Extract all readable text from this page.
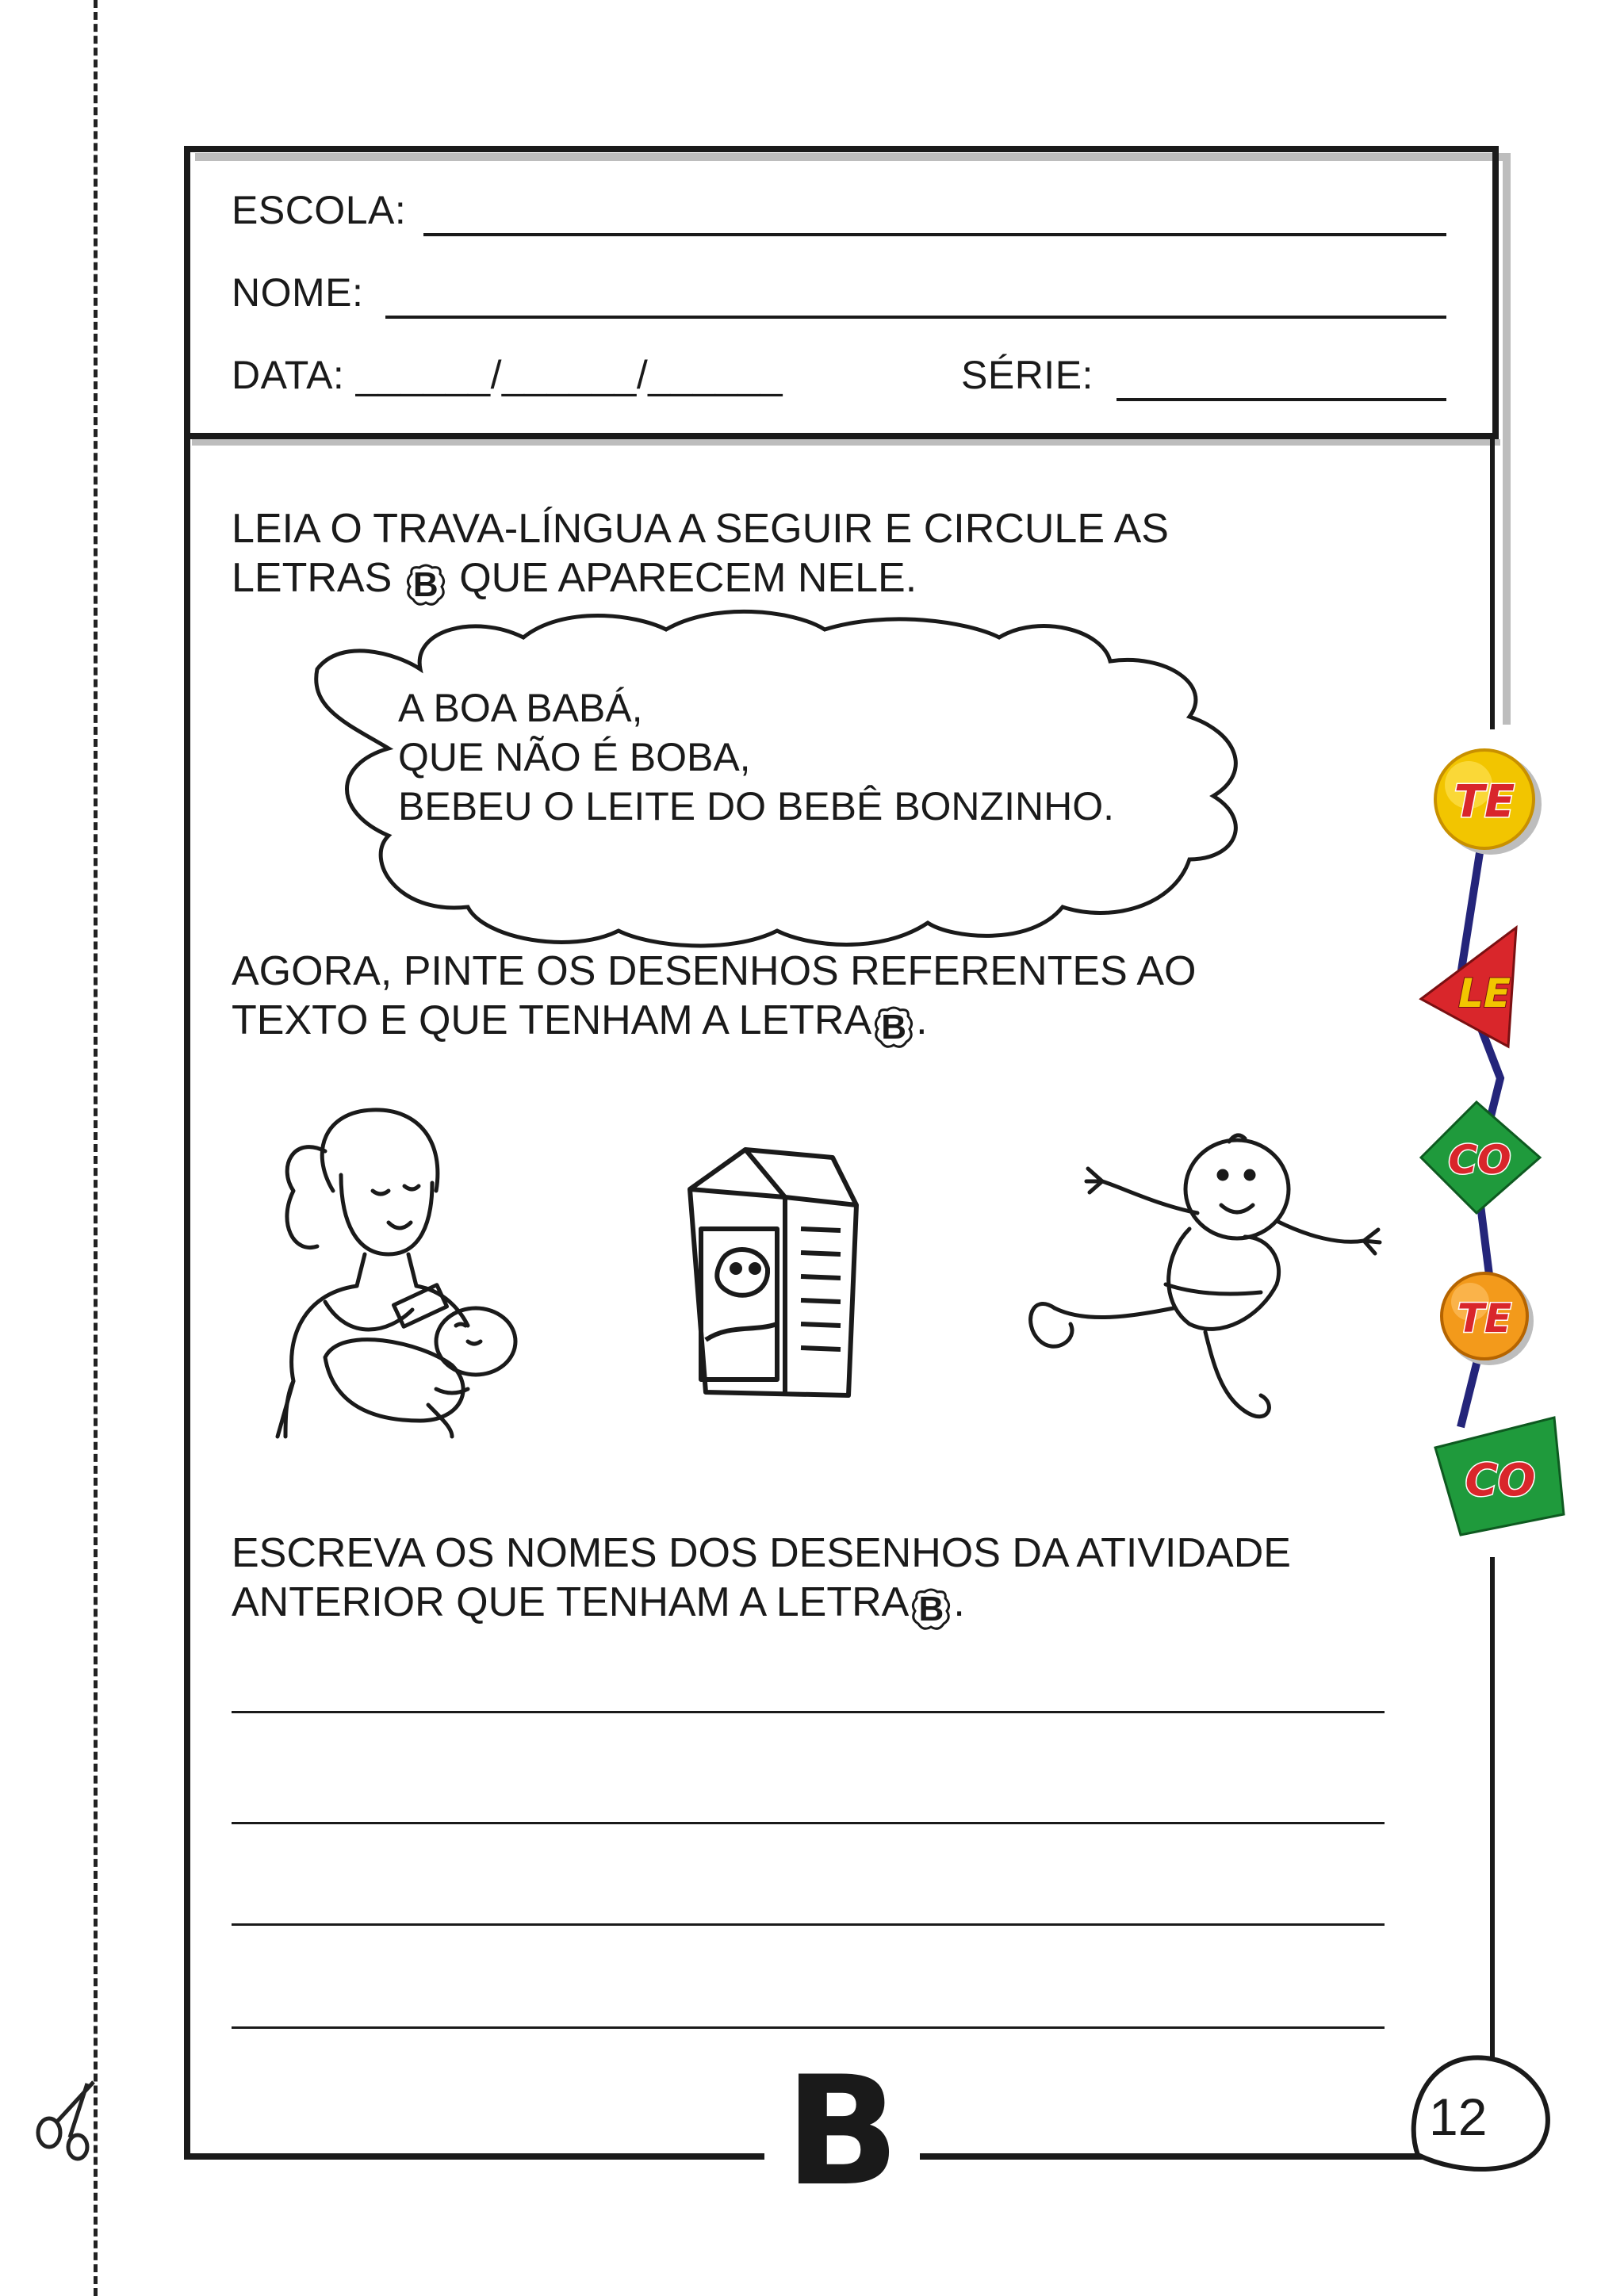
ESCOLA:
NOME:
DATA: ______/______/______	SÉRIE:
LEIA O TRAVA-LÍNGUA A SEGUIR E CIRCULE AS
LETRAS B QUE APARECEM NELE.
A BOA BABÁ,
QUE NÃO É BOBA,
BEBEU O LEITE DO BEBÊ BONZINHO.
AGORA, PINTE OS DESENHOS REFERENTES AO
TEXTO E QUE TENHAM A LETRA B .
ESCREVA OS NOMES DOS DESENHOS DA ATIVIDADE
ANTERIOR QUE TENHAM A LETRA B .
TE
LE
CO
TE
CO
B	12
